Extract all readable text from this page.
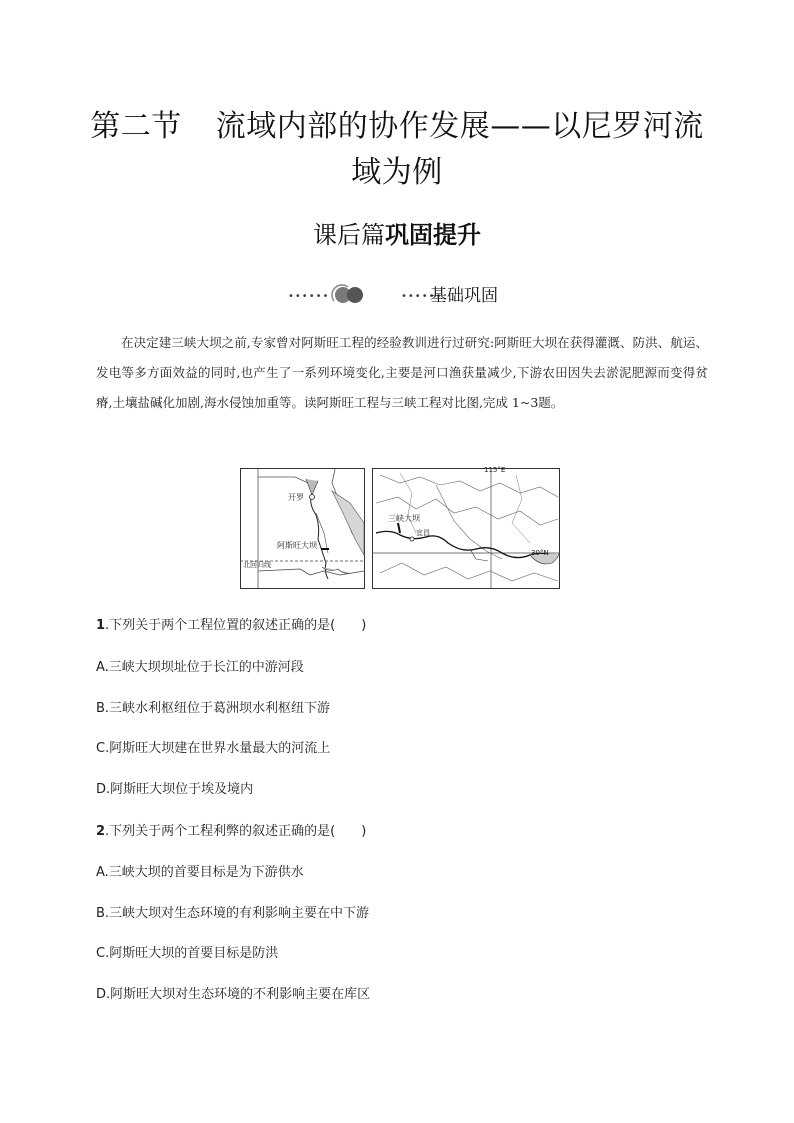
第二节 流域内部的协作发展——以尼罗河流
域为例
课后篇巩固提升
••••••	••••••
基础巩固
在决定建三峡大坝之前,专家曾对阿斯旺工程的经验教训进行过研究:阿斯旺大坝在获得灌溉、防洪、航运、发电等多方面效益的同时,也产生了一系列环境变化,主要是河口渔获量减少,下游农田因失去淤泥肥源而变得贫瘠,土壤盐碱化加剧,海水侵蚀加重等。读阿斯旺工程与三峡工程对比图,完成 1~3题。
开罗
阿斯旺大坝
北回归线
115°E
30°N
三峡大坝
宜昌
1.下列关于两个工程位置的叙述正确的是(　　)
A.三峡大坝坝址位于长江的中游河段
B.三峡水利枢纽位于葛洲坝水利枢纽下游
C.阿斯旺大坝建在世界水量最大的河流上
D.阿斯旺大坝位于埃及境内
2.下列关于两个工程利弊的叙述正确的是(　　)
A.三峡大坝的首要目标是为下游供水
B.三峡大坝对生态环境的有利影响主要在中下游
C.阿斯旺大坝的首要目标是防洪
D.阿斯旺大坝对生态环境的不利影响主要在库区
